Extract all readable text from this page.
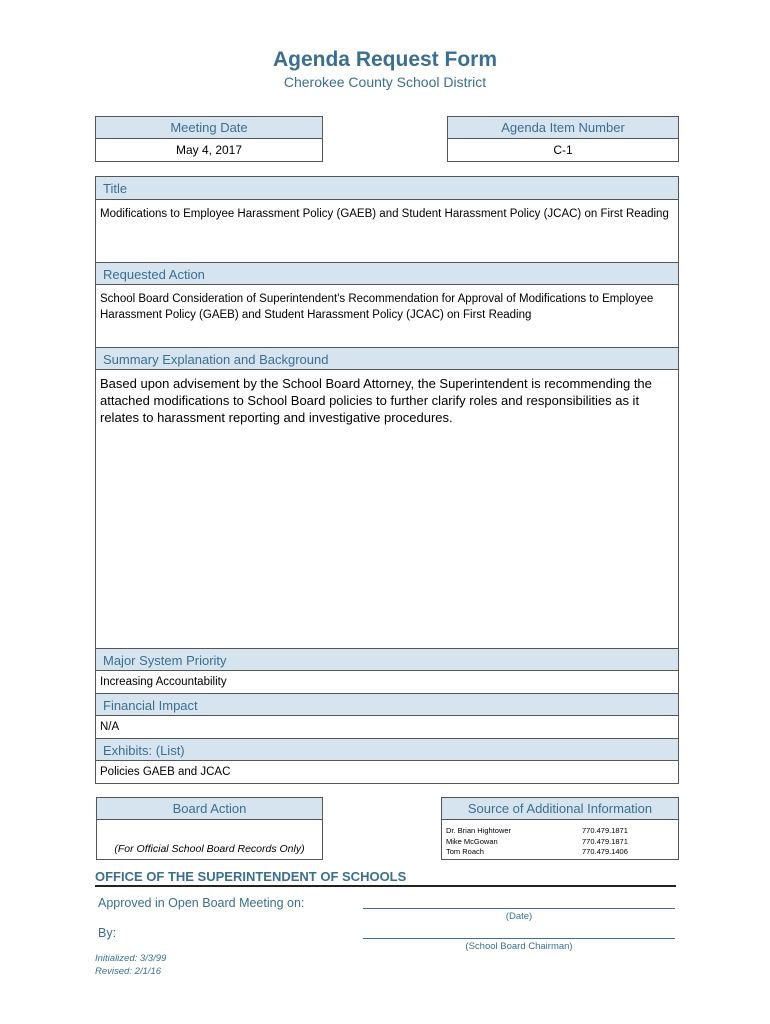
Agenda Request Form
Cherokee County School District
Meeting Date
May 4, 2017
Agenda Item Number
C-1
Title
Modifications to Employee Harassment Policy (GAEB) and Student Harassment Policy (JCAC) on First Reading
Requested Action
School Board Consideration of Superintendent's Recommendation for Approval of Modifications to Employee Harassment Policy (GAEB) and Student Harassment Policy (JCAC) on First Reading
Summary Explanation and Background
Based upon advisement by the School Board Attorney, the Superintendent is recommending the attached modifications to School Board policies to further clarify roles and responsibilities as it relates to harassment reporting and investigative procedures.
Major System Priority
Increasing Accountability
Financial Impact
N/A
Exhibits: (List)
Policies GAEB and JCAC
Board Action
(For Official School Board Records Only)
Source of Additional Information
Dr. Brian Hightower	770.479.1871
Mike McGowan	770.479.1871
Tom Roach	770.479.1406
OFFICE OF THE SUPERINTENDENT OF SCHOOLS
Approved in Open Board Meeting on:
(Date)
By:
(School Board Chairman)
Initialized: 3/3/99
Revised: 2/1/16
